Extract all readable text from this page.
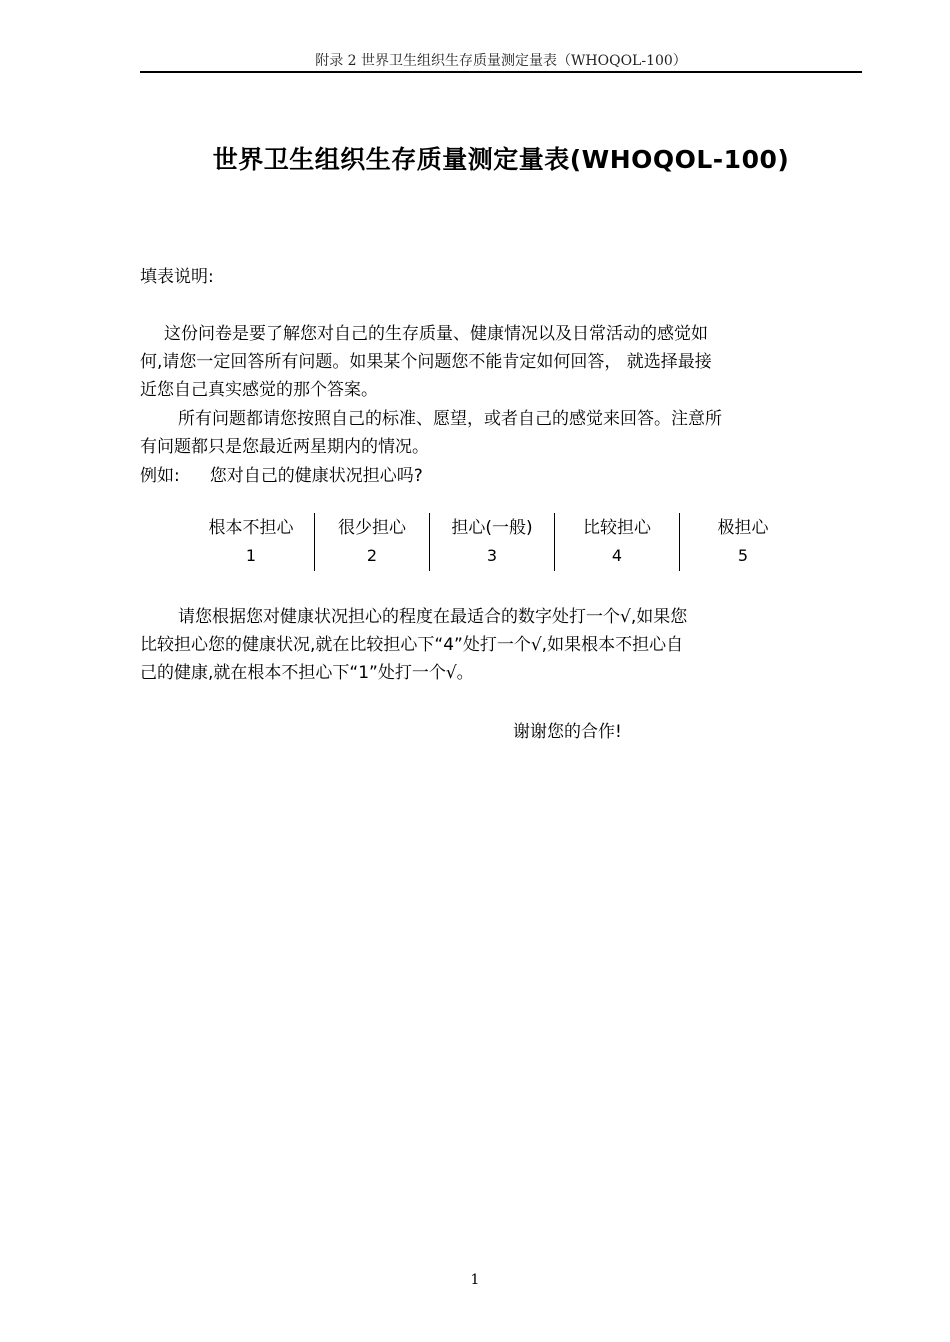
附录 2 世界卫生组织生存质量测定量表（WHOQOL-100）
世界卫生组织生存质量测定量表(WHOQOL-100)
填表说明:
这份问卷是要了解您对自己的生存质量、健康情况以及日常活动的感觉如
何,请您一定回答所有问题。如果某个问题您不能肯定如何回答， 就选择最接
近您自己真实感觉的那个答案。
所有问题都请您按照自己的标准、愿望，或者自己的感觉来回答。注意所
有问题都只是您最近两星期内的情况。
例如: 您对自己的健康状况担心吗?
根本不担心
1
很少担心
2
担心(一般)
3
比较担心
4
极担心
5
请您根据您对健康状况担心的程度在最适合的数字处打一个√,如果您
比较担心您的健康状况,就在比较担心下“4”处打一个√,如果根本不担心自
己的健康,就在根本不担心下“1”处打一个√。
谢谢您的合作!
1
